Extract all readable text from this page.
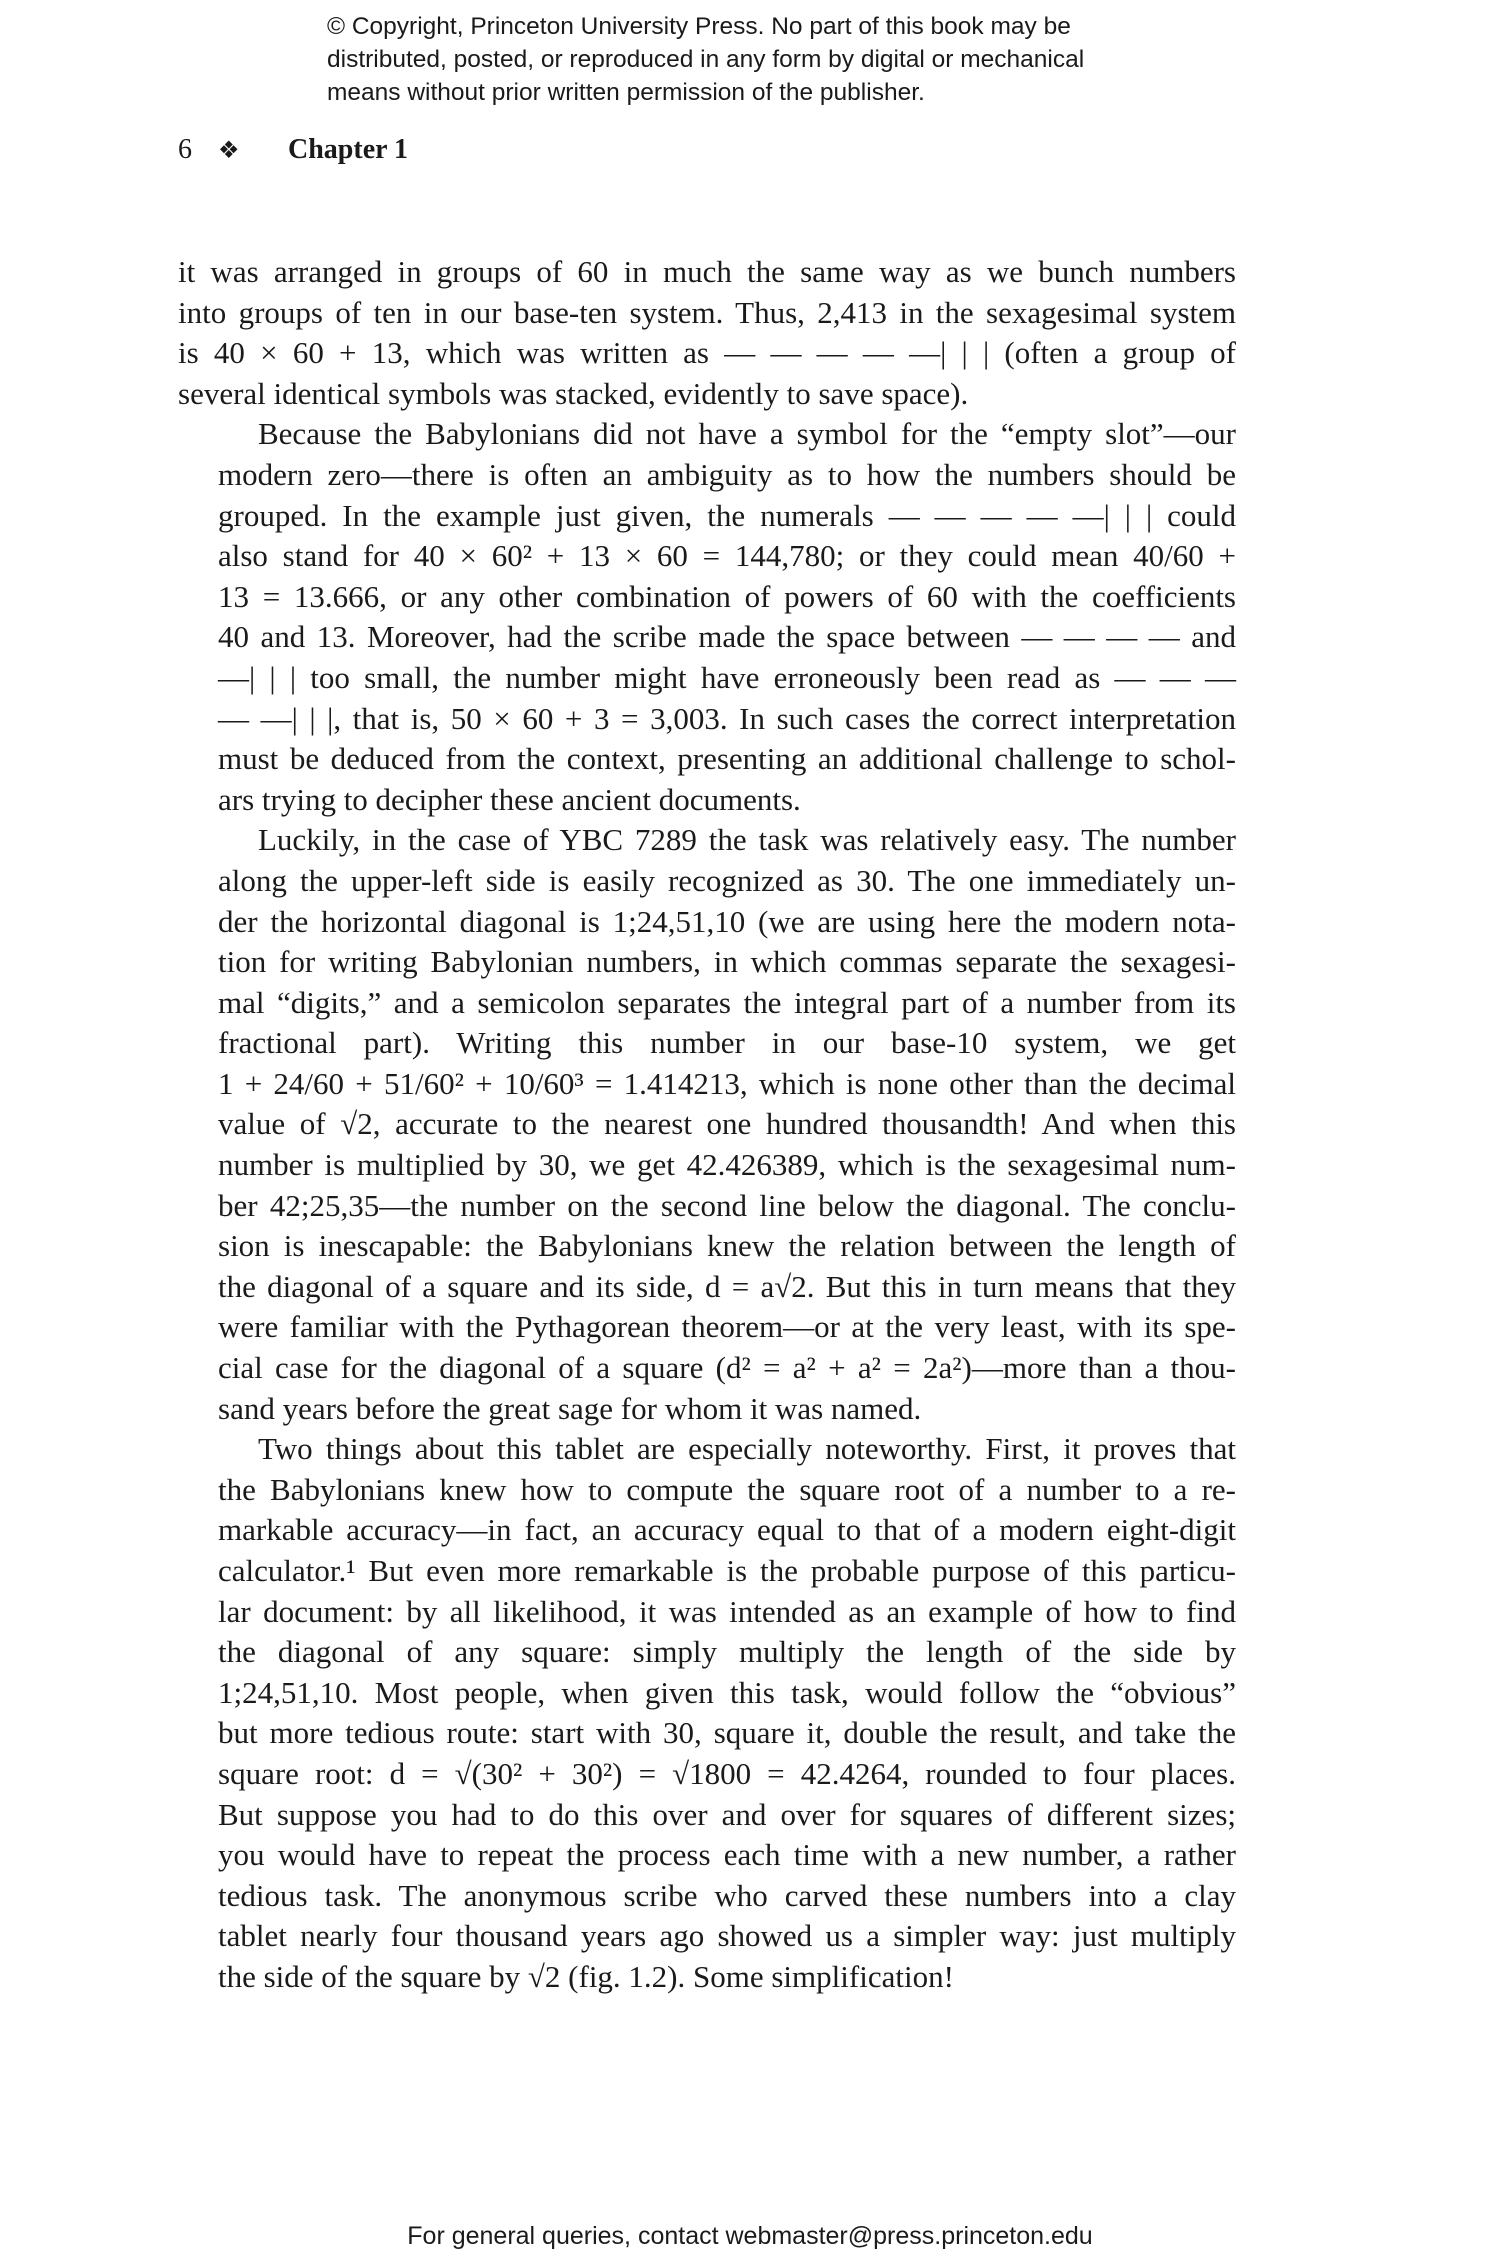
© Copyright, Princeton University Press. No part of this book may be
distributed, posted, or reproduced in any form by digital or mechanical
means without prior written permission of the publisher.
6	❖	Chapter 1

it was arranged in groups of 60 in much the same way as we bunch numbers
into groups of ten in our base-ten system. Thus, 2,413 in the sexagesimal system
is 40 × 60 + 13, which was written as — — — — —| | | (often a group of
several identical symbols was stacked, evidently to save space).

Because the Babylonians did not have a symbol for the “empty slot”—our
modern zero—there is often an ambiguity as to how the numbers should be
grouped. In the example just given, the numerals — — — — —| | | could
also stand for 40 × 60² + 13 × 60 = 144,780; or they could mean 40/60 +
13 = 13.666, or any other combination of powers of 60 with the coefficients
40 and 13. Moreover, had the scribe made the space between — — — — and
—| | | too small, the number might have erroneously been read as — — —
— —| | |, that is, 50 × 60 + 3 = 3,003. In such cases the correct interpretation
must be deduced from the context, presenting an additional challenge to schol-
ars trying to decipher these ancient documents.

Luckily, in the case of YBC 7289 the task was relatively easy. The number
along the upper-left side is easily recognized as 30. The one immediately un-
der the horizontal diagonal is 1;24,51,10 (we are using here the modern nota-
tion for writing Babylonian numbers, in which commas separate the sexagesi-
mal “digits,” and a semicolon separates the integral part of a number from its
fractional part). Writing this number in our base-10 system, we get
1 + 24/60 + 51/60² + 10/60³ = 1.414213, which is none other than the decimal
value of √2, accurate to the nearest one hundred thousandth! And when this
number is multiplied by 30, we get 42.426389, which is the sexagesimal num-
ber 42;25,35—the number on the second line below the diagonal. The conclu-
sion is inescapable: the Babylonians knew the relation between the length of
the diagonal of a square and its side, d = a√2. But this in turn means that they
were familiar with the Pythagorean theorem—or at the very least, with its spe-
cial case for the diagonal of a square (d² = a² + a² = 2a²)—more than a thou-
sand years before the great sage for whom it was named.

Two things about this tablet are especially noteworthy. First, it proves that
the Babylonians knew how to compute the square root of a number to a re-
markable accuracy—in fact, an accuracy equal to that of a modern eight-digit
calculator.¹ But even more remarkable is the probable purpose of this particu-
lar document: by all likelihood, it was intended as an example of how to find
the diagonal of any square: simply multiply the length of the side by
1;24,51,10. Most people, when given this task, would follow the “obvious”
but more tedious route: start with 30, square it, double the result, and take the
square root: d = √(30² + 30²) = √1800 = 42.4264, rounded to four places.
But suppose you had to do this over and over for squares of different sizes;
you would have to repeat the process each time with a new number, a rather
tedious task. The anonymous scribe who carved these numbers into a clay
tablet nearly four thousand years ago showed us a simpler way: just multiply
the side of the square by √2 (fig. 1.2). Some simplification!

For general queries, contact webmaster@press.princeton.edu
